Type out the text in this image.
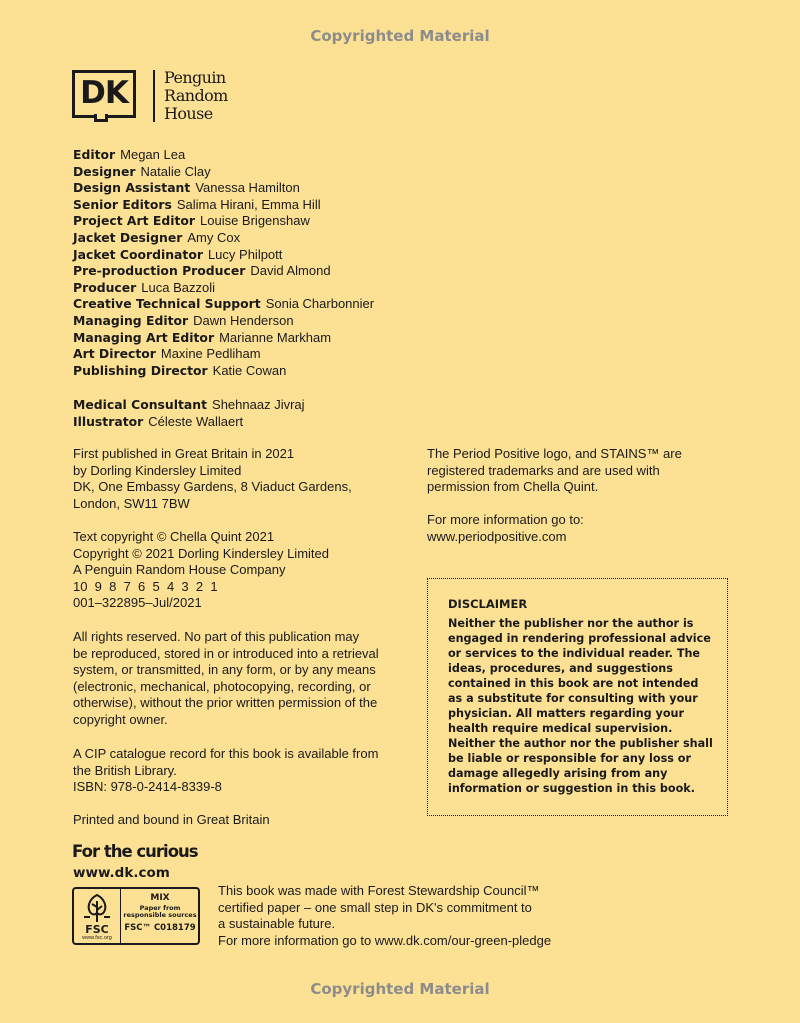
Copyrighted Material
DK	Penguin
Random
House
Editor Megan Lea
Designer Natalie Clay
Design Assistant Vanessa Hamilton
Senior Editors Salima Hirani, Emma Hill
Project Art Editor Louise Brigenshaw
Jacket Designer Amy Cox
Jacket Coordinator Lucy Philpott
Pre-production Producer David Almond
Producer Luca Bazzoli
Creative Technical Support Sonia Charbonnier
Managing Editor Dawn Henderson
Managing Art Editor Marianne Markham
Art Director Maxine Pedliham
Publishing Director Katie Cowan
Medical Consultant Shehnaaz Jivraj
Illustrator Céleste Wallaert
First published in Great Britain in 2021
by Dorling Kindersley Limited
DK, One Embassy Gardens, 8 Viaduct Gardens,
London, SW11 7BW
Text copyright © Chella Quint 2021
Copyright © 2021 Dorling Kindersley Limited
A Penguin Random House Company
10  9  8  7  6  5  4  3  2  1
001–322895–Jul/2021
All rights reserved. No part of this publication may
be reproduced, stored in or introduced into a retrieval
system, or transmitted, in any form, or by any means
(electronic, mechanical, photocopying, recording, or
otherwise), without the prior written permission of the
copyright owner.
A CIP catalogue record for this book is available from
the British Library.
ISBN: 978-0-2414-8339-8
Printed and bound in Great Britain
The Period Positive logo, and STAINS™ are
registered trademarks and are used with
permission from Chella Quint.
For more information go to:
www.periodpositive.com
DISCLAIMER
Neither the publisher nor the author is
engaged in rendering professional advice
or services to the individual reader. The
ideas, procedures, and suggestions
contained in this book are not intended
as a substitute for consulting with your
physician. All matters regarding your
health require medical supervision.
Neither the author nor the publisher shall
be liable or responsible for any loss or
damage allegedly arising from any
information or suggestion in this book.
For the curious
www.dk.com
FSC
www.fsc.org
MIX
Paper from
responsible sources
FSC™ C018179
This book was made with Forest Stewardship Council™
certified paper – one small step in DK's commitment to
a sustainable future.
For more information go to www.dk.com/our-green-pledge
Copyrighted Material
